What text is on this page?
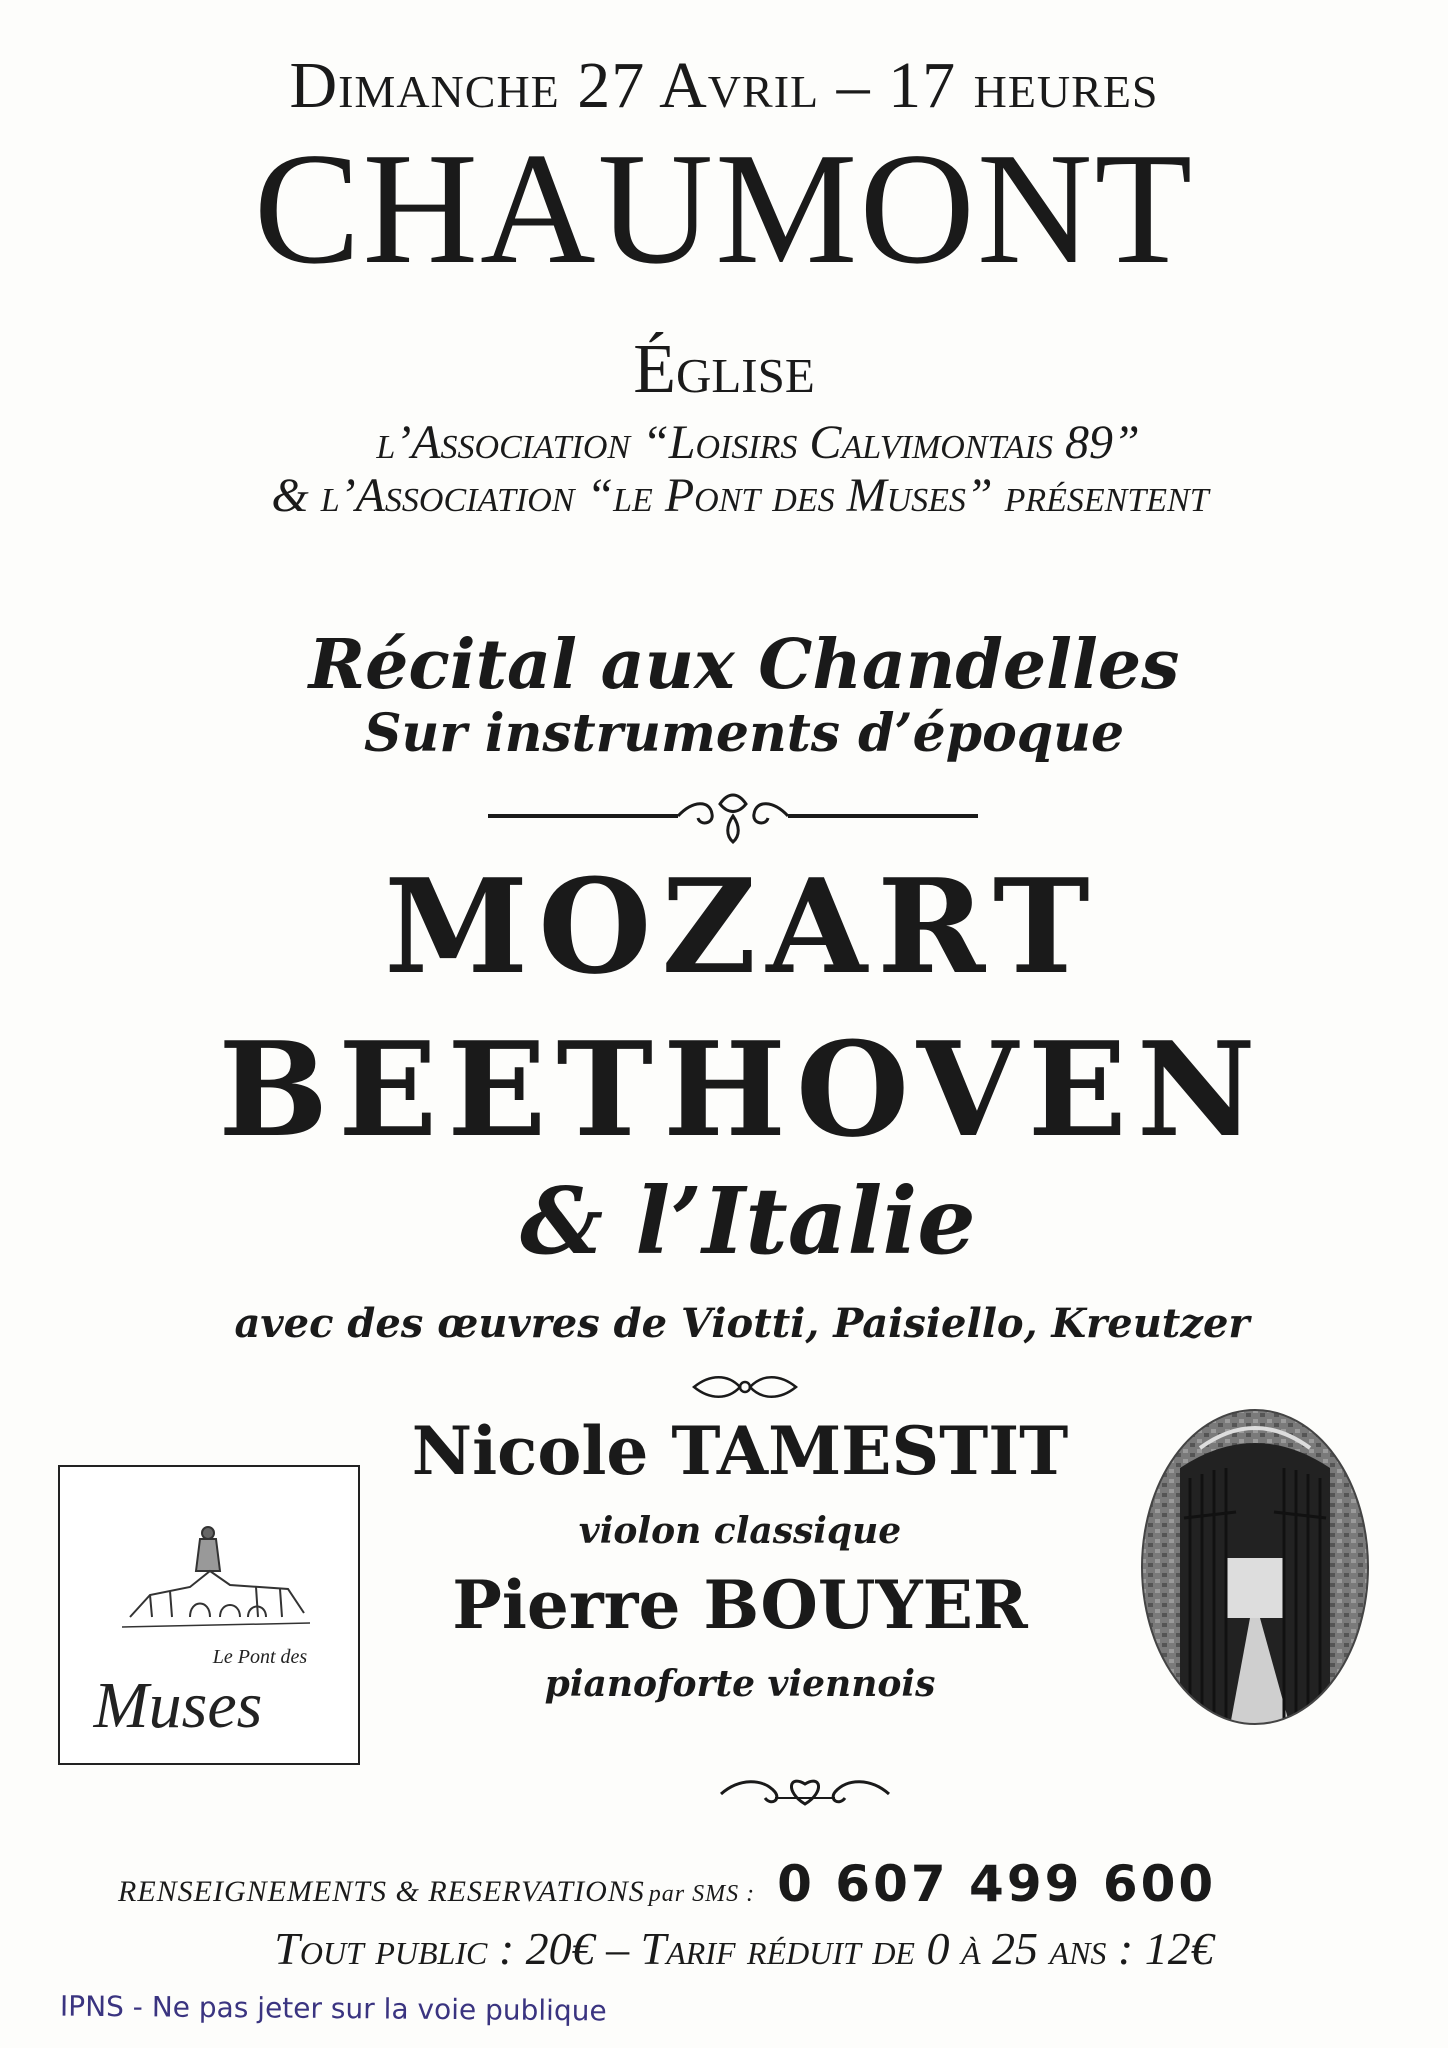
Dimanche 27 Avril – 17 heures
CHAUMONT
Église
l’Association “Loisirs Calvimontais 89”
& l’Association “le Pont des Muses” présentent
Récital aux Chandelles
Sur instruments d’époque
MOZART
BEETHOVEN
& l’Italie
avec des œuvres de Viotti, Paisiello, Kreutzer
Le Pont des
Muses
Nicole TAMESTIT
violon classique
Pierre BOUYER
pianoforte viennois
RENSEIGNEMENTS & RESERVATIONS par SMS : 0 607 499 600
Tout public : 20€ – Tarif réduit de 0 à 25 ans : 12€
IPNS - Ne pas jeter sur la voie publique
